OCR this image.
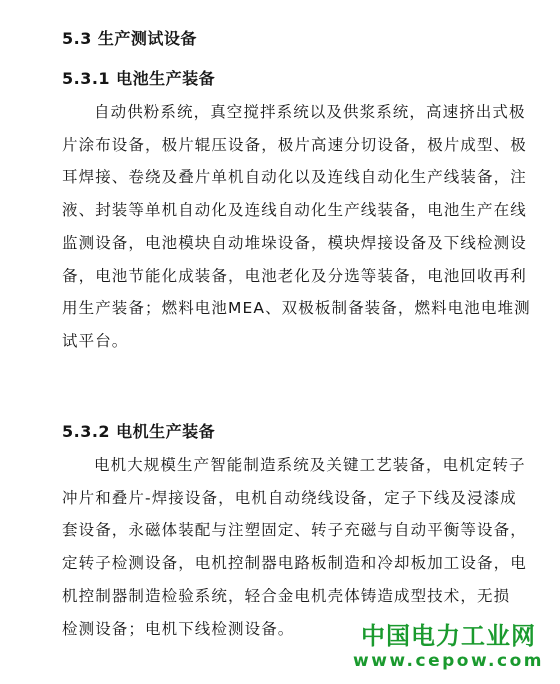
5.3 生产测试设备
5.3.1 电池生产装备
自动供粉系统，真空搅拌系统以及供浆系统，高速挤出式极
片涂布设备，极片辊压设备，极片高速分切设备，极片成型、极
耳焊接、卷绕及叠片单机自动化以及连线自动化生产线装备，注
液、封装等单机自动化及连线自动化生产线装备，电池生产在线
监测设备，电池模块自动堆垛设备，模块焊接设备及下线检测设
备，电池节能化成装备，电池老化及分选等装备，电池回收再利
用生产装备；燃料电池MEA、双极板制备装备，燃料电池电堆测
试平台。
5.3.2 电机生产装备
电机大规模生产智能制造系统及关键工艺装备，电机定转子
冲片和叠片-焊接设备，电机自动绕线设备，定子下线及浸漆成
套设备，永磁体装配与注塑固定、转子充磁与自动平衡等设备，
定转子检测设备，电机控制器电路板制造和冷却板加工设备，电
机控制器制造检验系统，轻合金电机壳体铸造成型技术，无损
检测设备；电机下线检测设备。	中国电力工业网
www.cepow.com
